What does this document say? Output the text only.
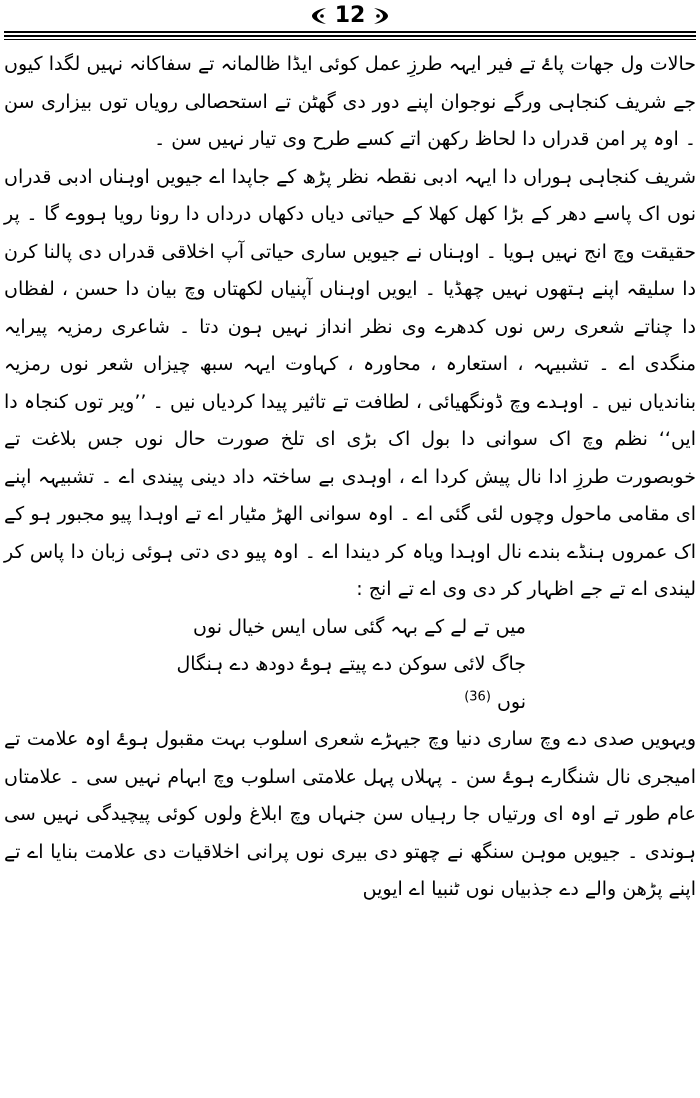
12

حالات ول جھات پاۓ تے فیر ایہہ طرزِ عمل کوئی ایڈا ظالمانہ تے سفاکانہ نہیں لگدا کیوں جے شریف کنجاہی ورگے نوجوان اپنے دور دی گھٹن تے استحصالی رویاں توں بیزاری سن ۔ اوہ پر امن قدراں دا لحاظ رکھن اتے کسے طرح وی تیار نہیں سن ۔

شریف کنجاہی ہوراں دا ایہہ ادبی نقطہ نظر پڑھ کے جاپدا اے جیویں اوہناں ادبی قدراں نوں اک پاسے دھر کے بڑا کھل کھلا کے حیاتی دیاں دکھاں درداں دا رونا رویا ہووے گا ۔ پر حقیقت وچ انج نہیں ہویا ۔ اوہناں نے جیویں ساری حیاتی آپ اخلاقی قدراں دی پالنا کرن دا سلیقہ اپنے ہتھوں نہیں چھڈیا ۔ ایویں اوہناں آپنیاں لکھتاں وچ بیان دا حسن ، لفظاں دا چناتے شعری رس نوں کدھرے وی نظر انداز نہیں ہون دتا ۔ شاعری رمزیہ پیرایہ منگدی اے ۔ تشبیہہ ، استعارہ ، محاورہ ، کہاوت ایہہ سبھ چیزاں شعر نوں رمزیہ بناندیاں نیں ۔ اوہدے وچ ڈونگھیائی ، لطافت تے تاثیر پیدا کردیاں نیں ۔ ’’ویر توں کنجاہ دا ایں‘‘ نظم وچ اک سوانی دا بول اک بڑی ای تلخ صورت حال نوں جس بلاغت تے خوبصورت طرزِ ادا نال پیش کردا اے ، اوہدی بے ساختہ داد دینی پیندی اے ۔ تشبیہہ اپنے ای مقامی ماحول وچوں لئی گئی اے ۔ اوہ سوانی الھڑ مٹیار اے تے اوہدا پیو مجبور ہو کے اک عمروں ہنڈے بندے نال اوہدا ویاہ کر دیندا اے ۔ اوہ پیو دی دتی ہوئی زبان دا پاس کر لیندی اے تے جے اظہار کر دی وی اے تے انج :

میں تے لے کے بہہ گئی ساں ایس خیال نوں
جاگ لائی سوکن دے پیتے ہوۓ دودھ دے ہنگال نوں $^{(36)}$

ویہویں صدی دے وچ ساری دنیا وچ جیہڑے شعری اسلوب بہت مقبول ہوۓ اوہ علامت تے امیجری نال شنگارے ہوۓ سن ۔ پہلاں پہل علامتی اسلوب وچ ابہام نہیں سی ۔ علامتاں عام طور تے اوہ ای ورتیاں جا رہیاں سن جنہاں وچ ابلاغ ولوں کوئی پیچیدگی نہیں سی ہوندی ۔ جیویں موہن سنگھ نے چھتو دی بیری نوں پرانی اخلاقیات دی علامت بنایا اے تے اپنے پڑھن والے دے جذبیاں نوں ٹنبیا اے ایویں
